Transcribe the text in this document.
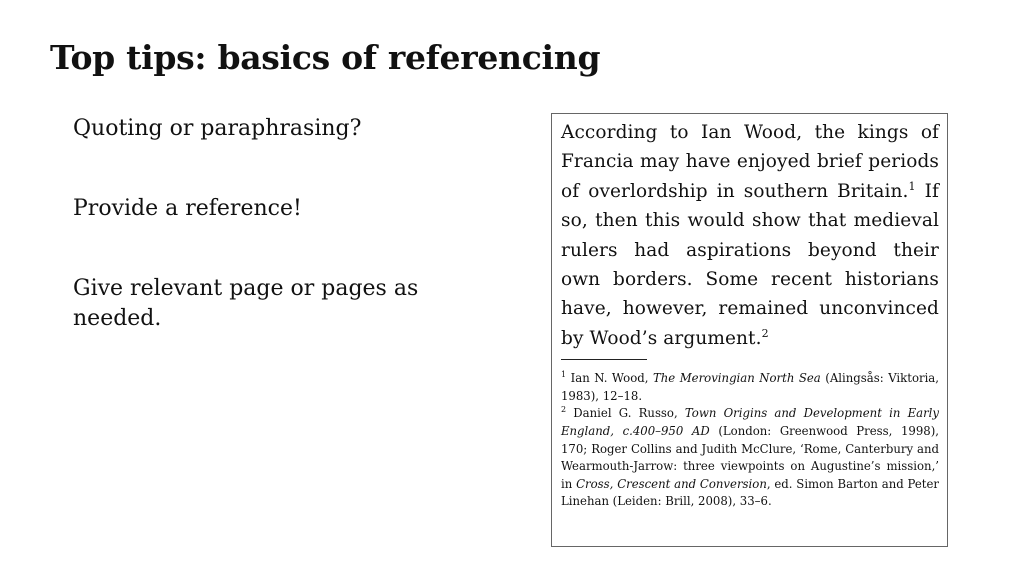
Top tips: basics of referencing

Quoting or paraphrasing?

Provide a reference!

Give relevant page or pages as needed.

According to Ian Wood, the kings of Francia may have enjoyed brief periods of overlordship in southern Britain.$^1$ If so, then this would show that medieval rulers had aspirations beyond their own borders. Some recent historians have, however, remained unconvinced by Wood’s argument.$^2$

$^1$ Ian N. Wood, The Merovingian North Sea (Alingsås: Viktoria, 1983), 12–18.

$^2$ Daniel G. Russo, Town Origins and Development in Early England, c.400–950 AD (London: Greenwood Press, 1998), 170; Roger Collins and Judith McClure, ‘Rome, Canterbury and Wearmouth-Jarrow: three viewpoints on Augustine’s mission,’ in Cross, Crescent and Conversion, ed. Simon Barton and Peter Linehan (Leiden: Brill, 2008), 33–6.
